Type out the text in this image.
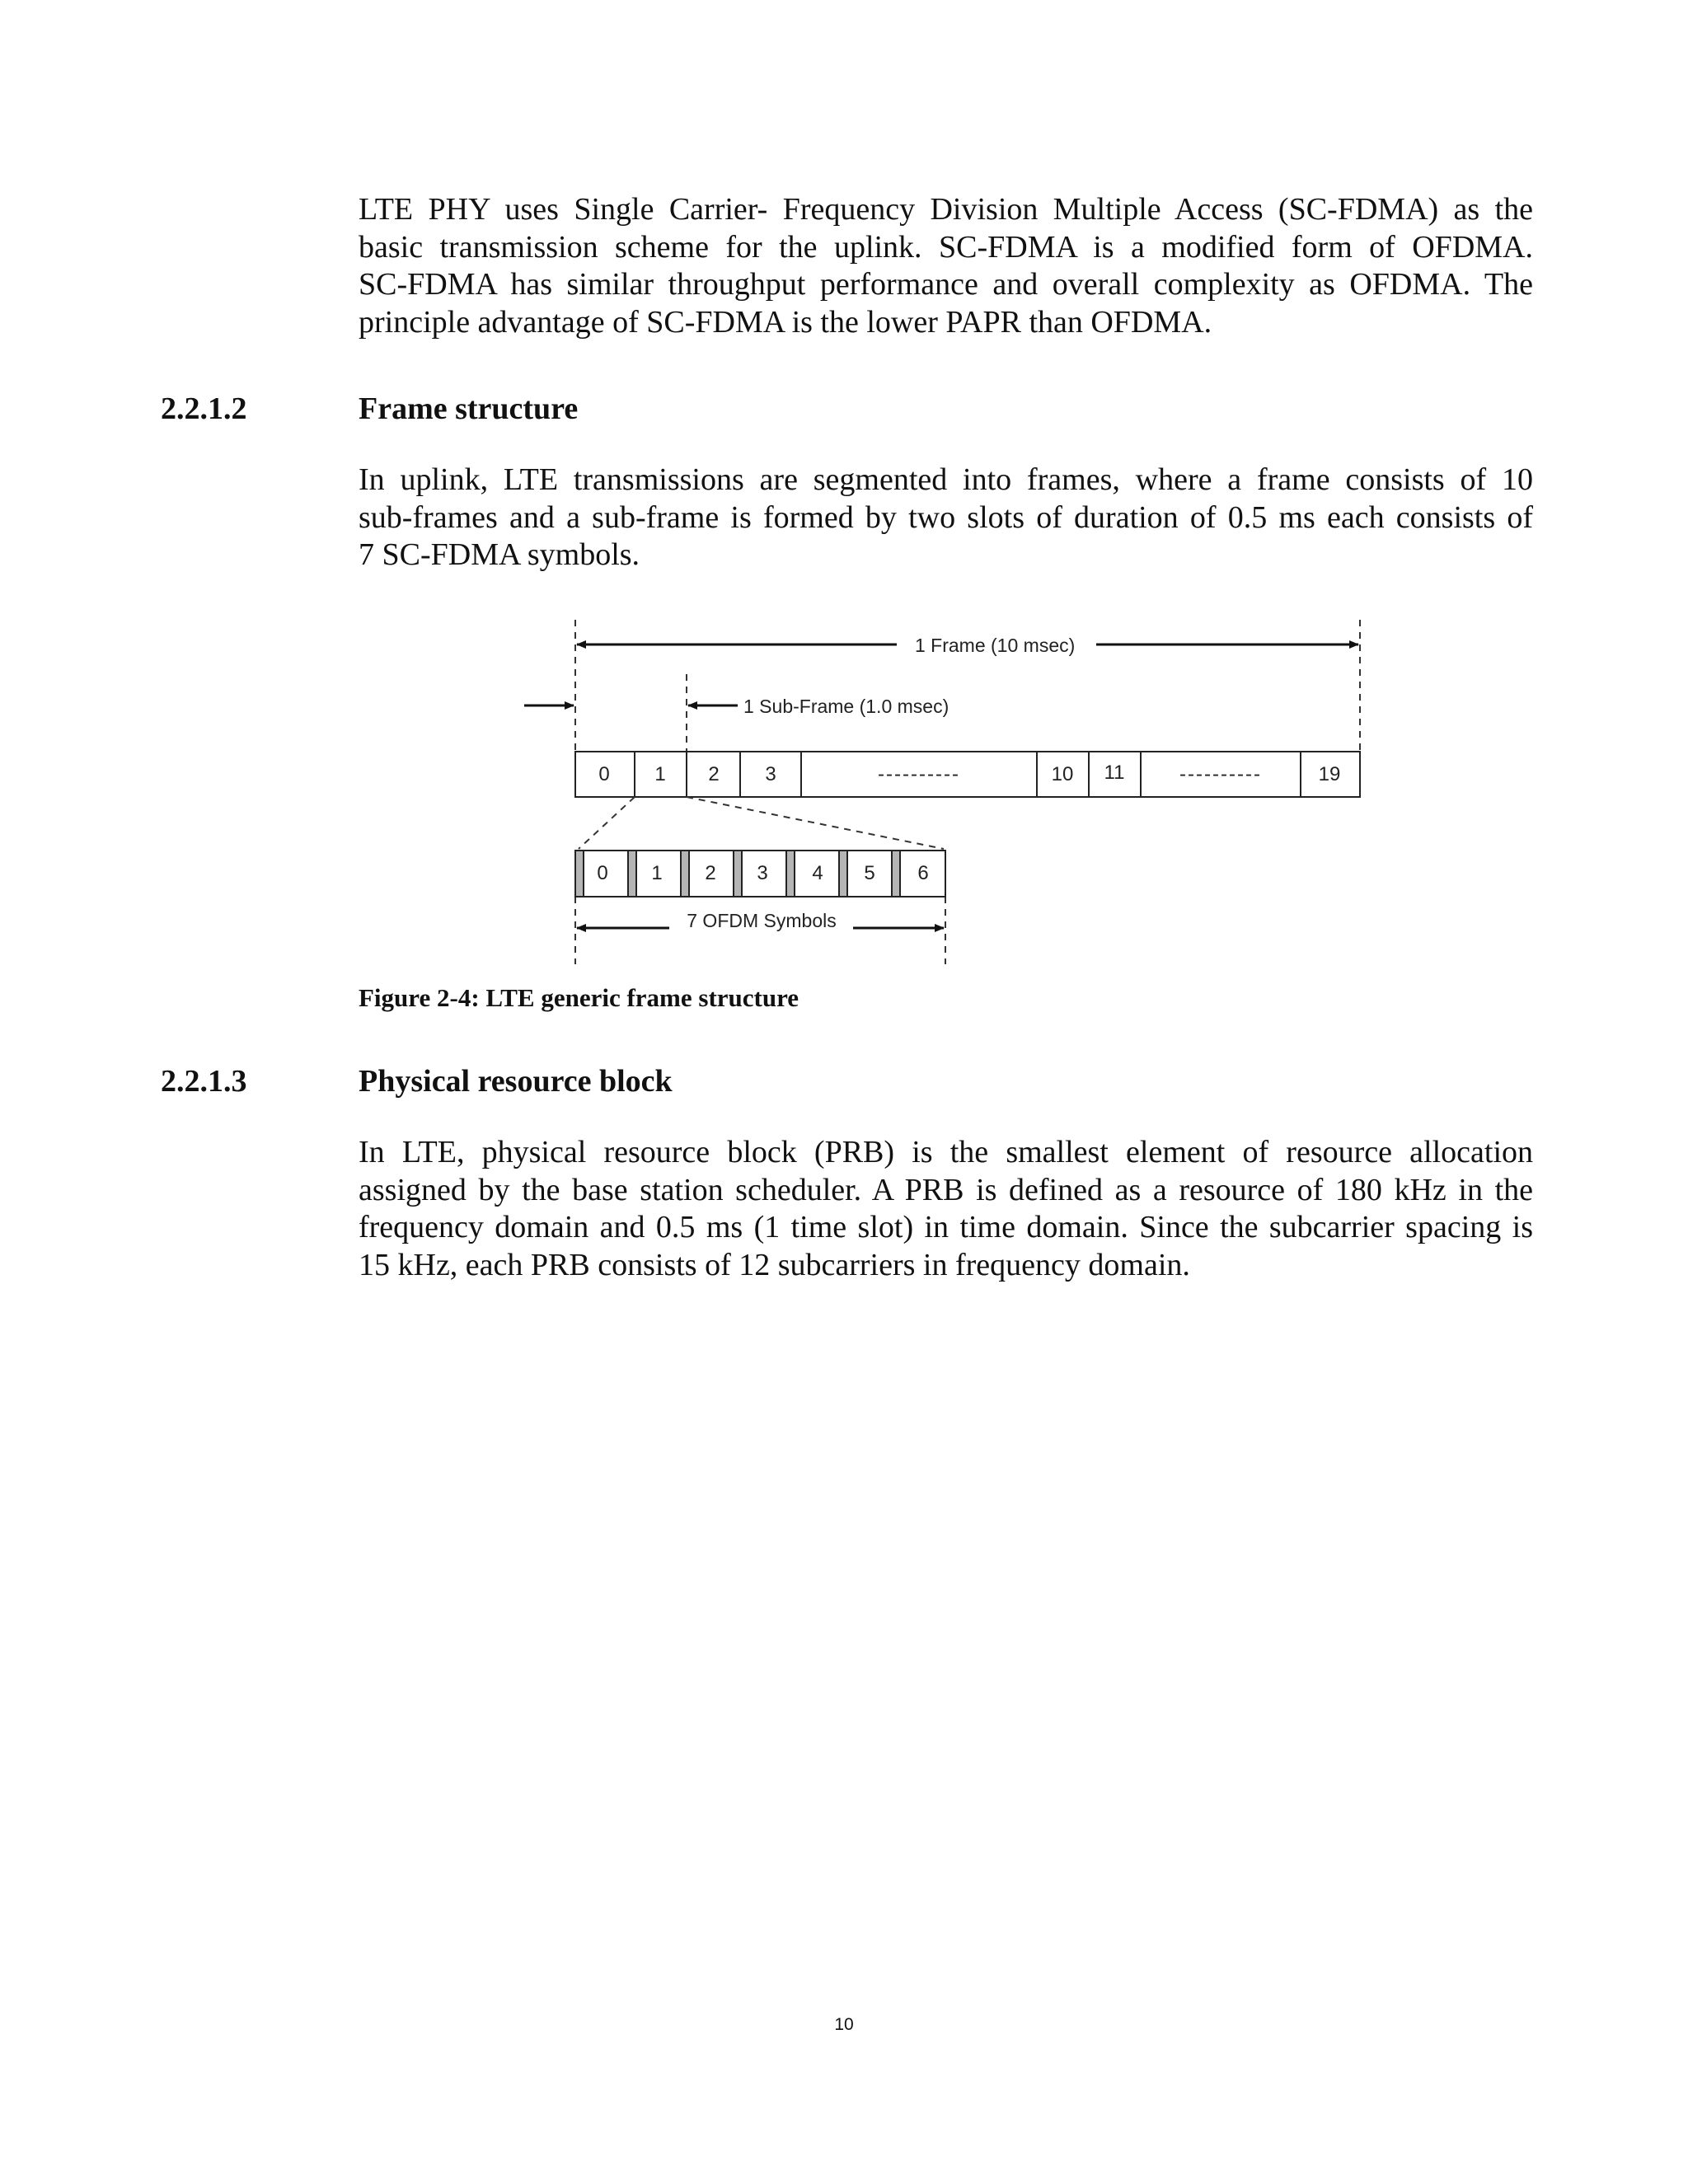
LTE PHY uses Single Carrier- Frequency Division Multiple Access (SC-FDMA) as the
basic transmission scheme for the uplink. SC-FDMA is a modified form of OFDMA.
SC-FDMA has similar throughput performance and overall complexity as OFDMA. The
principle advantage of SC-FDMA is the lower PAPR than OFDMA.

2.2.1.2	Frame structure

In uplink, LTE transmissions are segmented into frames, where a frame consists of 10
sub-frames and a sub-frame is formed by two slots of duration of 0.5 ms each consists of
7 SC-FDMA symbols.
1 Frame (10 msec)
1 Sub-Frame (1.0 msec)
0 1 2 3	----------	10 11	----------	19
0 1 2 3 4 5 6
7 OFDM Symbols

Figure 2-4: LTE generic frame structure

2.2.1.3	Physical resource block

In LTE, physical resource block (PRB) is the smallest element of resource allocation
assigned by the base station scheduler. A PRB is defined as a resource of 180 kHz in the
frequency domain and 0.5 ms (1 time slot) in time domain. Since the subcarrier spacing is
15 kHz, each PRB consists of 12 subcarriers in frequency domain.

10
